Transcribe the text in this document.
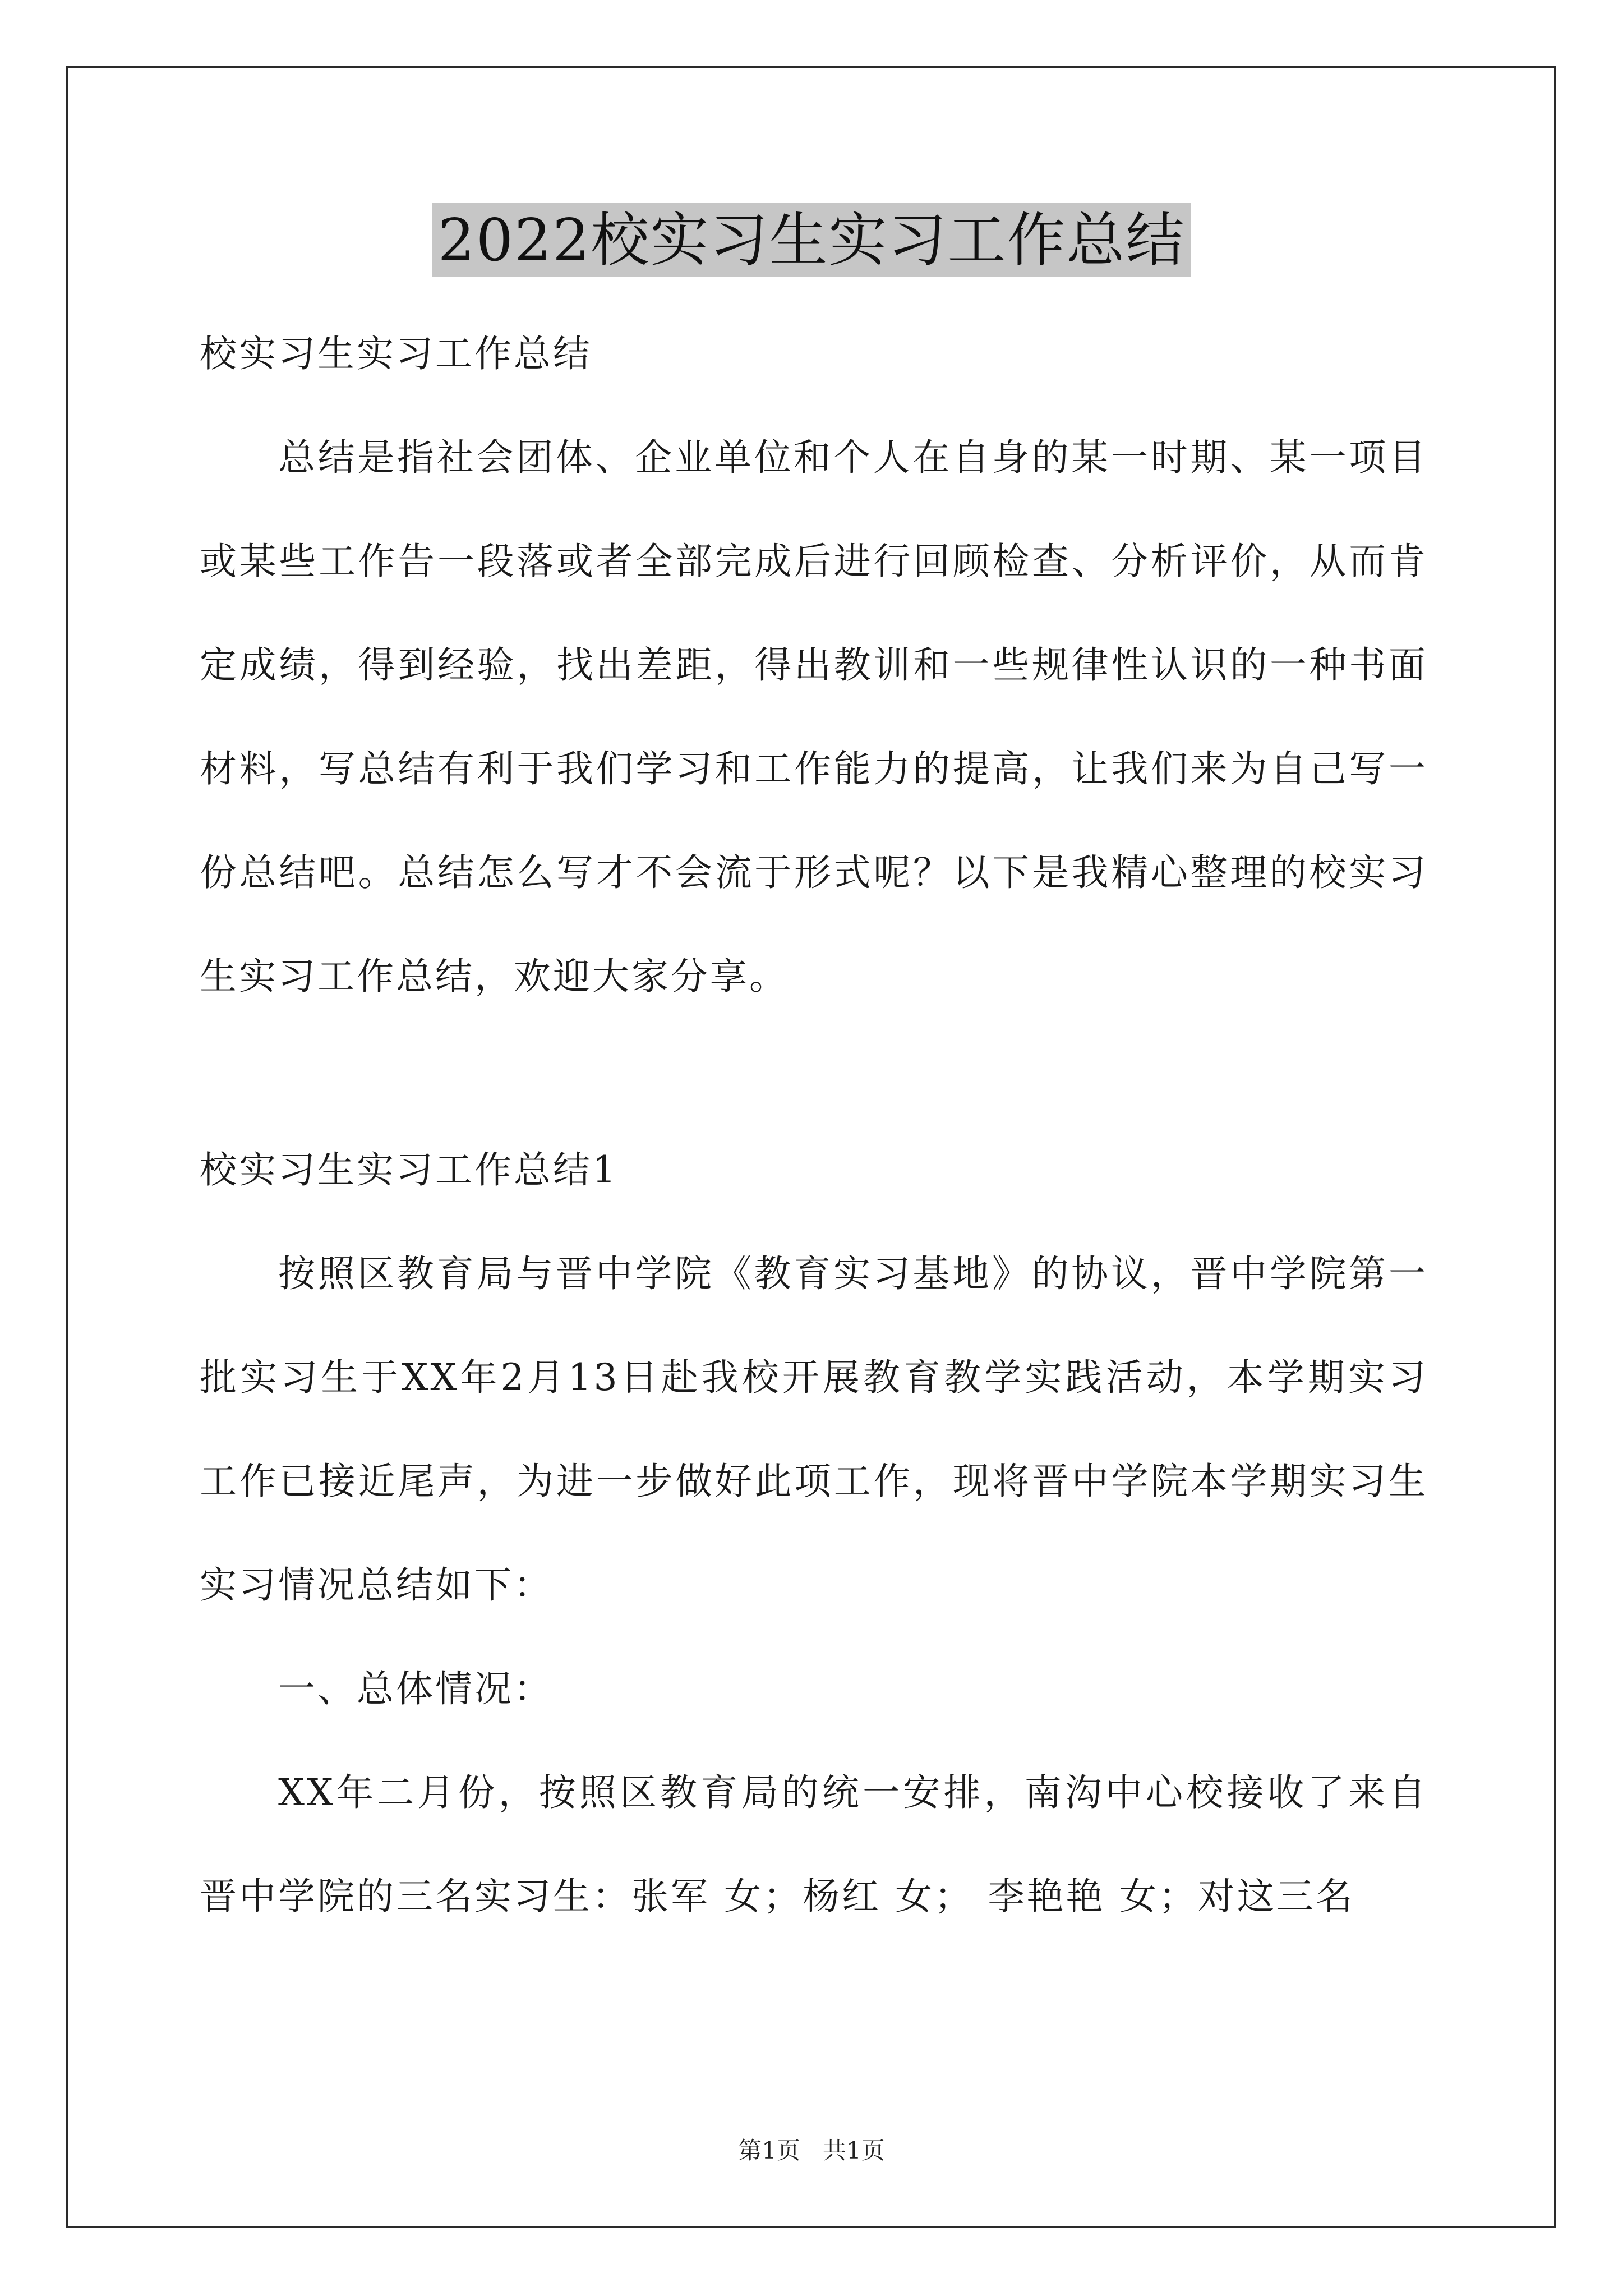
2022校实习生实习工作总结

校实习生实习工作总结

总结是指社会团体、企业单位和个人在自身的某一时期、某一项目或某些工作告一段落或者全部完成后进行回顾检查、分析评价，从而肯定成绩，得到经验，找出差距，得出教训和一些规律性认识的一种书面材料，写总结有利于我们学习和工作能力的提高，让我们来为自己写一份总结吧。总结怎么写才不会流于形式呢？以下是我精心整理的校实习生实习工作总结，欢迎大家分享。

校实习生实习工作总结1

按照区教育局与晋中学院《教育实习基地》的协议，晋中学院第一批实习生于XX年2月13日赴我校开展教育教学实践活动，本学期实习工作已接近尾声，为进一步做好此项工作，现将晋中学院本学期实习生实习情况总结如下：

一、总体情况：

XX年二月份，按照区教育局的统一安排，南沟中心校接收了来自晋中学院的三名实习生：张军 女；杨红 女； 李艳艳 女；对这三名

第1页 共1页
